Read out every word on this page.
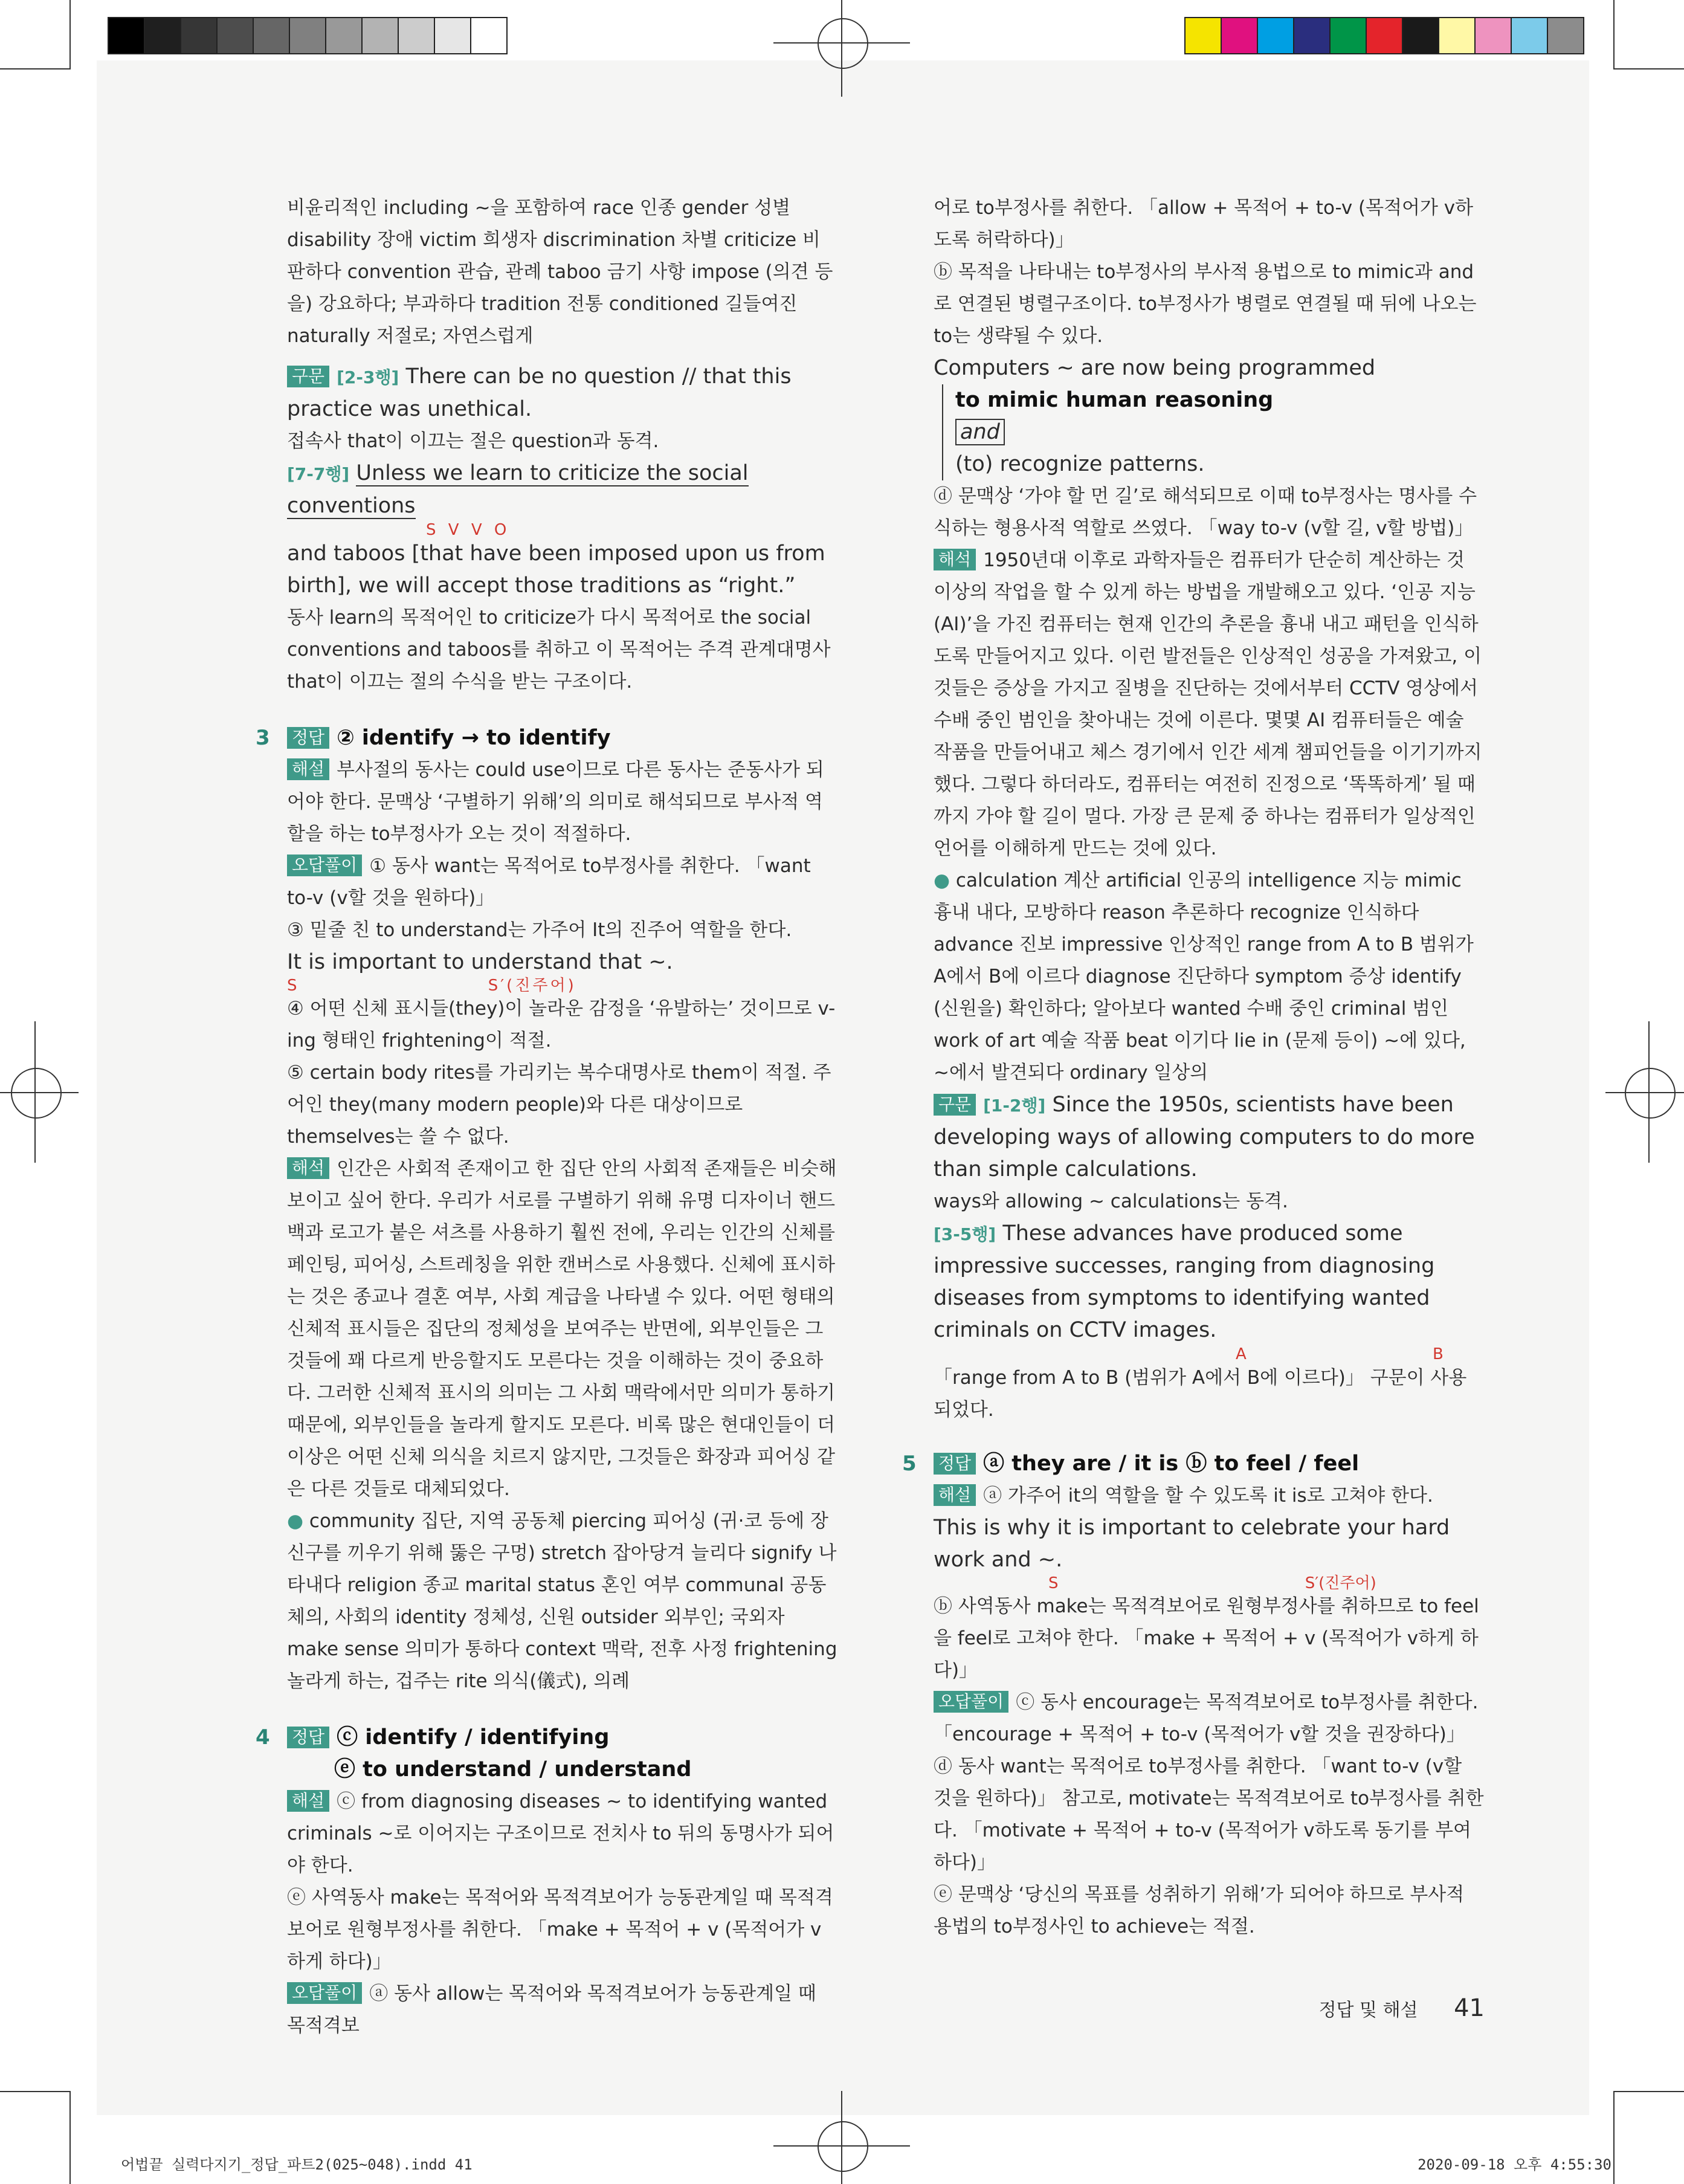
비윤리적인 including ~을 포함하여 race 인종 gender 성별 disability 장애 victim 희생자 discrimination 차별 criticize 비판하다 convention 관습, 관례 taboo 금기 사항 impose (의견 등을) 강요하다; 부과하다 tradition 전통 conditioned 길들여진 naturally 저절로; 자연스럽게

구문 [2-3행] There can be no question // that this practice was unethical.

접속사 that이 이끄는 절은 question과 동격.

[7-7행] Unless we learn to criticize the social conventions

S V V O

and taboos [that have been imposed upon us from birth], we will accept those traditions as “right.”

동사 learn의 목적어인 to criticize가 다시 목적어로 the social conventions and taboos를 취하고 이 목적어는 주격 관계대명사 that이 이끄는 절의 수식을 받는 구조이다.

3 정답 ② identify → to identify

해설 부사절의 동사는 could use이므로 다른 동사는 준동사가 되어야 한다. 문맥상 ‘구별하기 위해’의 의미로 해석되므로 부사적 역할을 하는 to부정사가 오는 것이 적절하다.

오답풀이 ① 동사 want는 목적어로 to부정사를 취한다. 「want to-v (v할 것을 원하다)」

③ 밑줄 친 to understand는 가주어 It의 진주어 역할을 한다.

It is important to understand that ~.

S S′(진주어)

④ 어떤 신체 표시들(they)이 놀라운 감정을 ‘유발하는’ 것이므로 v-ing 형태인 frightening이 적절.

⑤ certain body rites를 가리키는 복수대명사로 them이 적절. 주어인 they(many modern people)와 다른 대상이므로 themselves는 쓸 수 없다.

해석 인간은 사회적 존재이고 한 집단 안의 사회적 존재들은 비슷해 보이고 싶어 한다. 우리가 서로를 구별하기 위해 유명 디자이너 핸드백과 로고가 붙은 셔츠를 사용하기 훨씬 전에, 우리는 인간의 신체를 페인팅, 피어싱, 스트레칭을 위한 캔버스로 사용했다. 신체에 표시하는 것은 종교나 결혼 여부, 사회 계급을 나타낼 수 있다. 어떤 형태의 신체적 표시들은 집단의 정체성을 보여주는 반면에, 외부인들은 그것들에 꽤 다르게 반응할지도 모른다는 것을 이해하는 것이 중요하다. 그러한 신체적 표시의 의미는 그 사회 맥락에서만 의미가 통하기 때문에, 외부인들을 놀라게 할지도 모른다. 비록 많은 현대인들이 더 이상은 어떤 신체 의식을 치르지 않지만, 그것들은 화장과 피어싱 같은 다른 것들로 대체되었다.

● community 집단, 지역 공동체 piercing 피어싱 (귀·코 등에 장신구를 끼우기 위해 뚫은 구멍) stretch 잡아당겨 늘리다 signify 나타내다 religion 종교 marital status 혼인 여부 communal 공동체의, 사회의 identity 정체성, 신원 outsider 외부인; 국외자 make sense 의미가 통하다 context 맥락, 전후 사정 frightening 놀라게 하는, 겁주는 rite 의식(儀式), 의례

4 정답 ⓒ identify / identifying

ⓔ to understand / understand

해설 ⓒ from diagnosing diseases ~ to identifying wanted criminals ~로 이어지는 구조이므로 전치사 to 뒤의 동명사가 되어야 한다.

ⓔ 사역동사 make는 목적어와 목적격보어가 능동관계일 때 목적격보어로 원형부정사를 취한다. 「make + 목적어 + v (목적어가 v하게 하다)」

오답풀이 ⓐ 동사 allow는 목적어와 목적격보어가 능동관계일 때 목적격보

어로 to부정사를 취한다. 「allow + 목적어 + to-v (목적어가 v하도록 허락하다)」

ⓑ 목적을 나타내는 to부정사의 부사적 용법으로 to mimic과 and로 연결된 병렬구조이다. to부정사가 병렬로 연결될 때 뒤에 나오는 to는 생략될 수 있다.

Computers ~ are now being programmed

to mimic human reasoning

and

(to) recognize patterns.

ⓓ 문맥상 ‘가야 할 먼 길’로 해석되므로 이때 to부정사는 명사를 수식하는 형용사적 역할로 쓰였다. 「way to-v (v할 길, v할 방법)」

해석 1950년대 이후로 과학자들은 컴퓨터가 단순히 계산하는 것 이상의 작업을 할 수 있게 하는 방법을 개발해오고 있다. ‘인공 지능(AI)’을 가진 컴퓨터는 현재 인간의 추론을 흉내 내고 패턴을 인식하도록 만들어지고 있다. 이런 발전들은 인상적인 성공을 가져왔고, 이것들은 증상을 가지고 질병을 진단하는 것에서부터 CCTV 영상에서 수배 중인 범인을 찾아내는 것에 이른다. 몇몇 AI 컴퓨터들은 예술 작품을 만들어내고 체스 경기에서 인간 세계 챔피언들을 이기기까지 했다. 그렇다 하더라도, 컴퓨터는 여전히 진정으로 ‘똑똑하게’ 될 때까지 가야 할 길이 멀다. 가장 큰 문제 중 하나는 컴퓨터가 일상적인 언어를 이해하게 만드는 것에 있다.

● calculation 계산 artificial 인공의 intelligence 지능 mimic 흉내 내다, 모방하다 reason 추론하다 recognize 인식하다 advance 진보 impressive 인상적인 range from A to B 범위가 A에서 B에 이르다 diagnose 진단하다 symptom 증상 identify (신원을) 확인하다; 알아보다 wanted 수배 중인 criminal 범인 work of art 예술 작품 beat 이기다 lie in (문제 등이) ~에 있다, ~에서 발견되다 ordinary 일상의

구문 [1-2행] Since the 1950s, scientists have been developing ways of allowing computers to do more than simple calculations.

ways와 allowing ~ calculations는 동격.

[3-5행] These advances have produced some impressive successes, ranging from diagnosing diseases from symptoms to identifying wanted criminals on CCTV images.

A B

「range from A to B (범위가 A에서 B에 이르다)」 구문이 사용되었다.

5 정답 ⓐ they are / it is ⓑ to feel / feel

해설 ⓐ 가주어 it의 역할을 할 수 있도록 it is로 고쳐야 한다.

This is why it is important to celebrate your hard work and ~.

S S′(진주어)

ⓑ 사역동사 make는 목적격보어로 원형부정사를 취하므로 to feel을 feel로 고쳐야 한다. 「make + 목적어 + v (목적어가 v하게 하다)」

오답풀이 ⓒ 동사 encourage는 목적격보어로 to부정사를 취한다. 「encourage + 목적어 + to-v (목적어가 v할 것을 권장하다)」

ⓓ 동사 want는 목적어로 to부정사를 취한다. 「want to-v (v할 것을 원하다)」 참고로, motivate는 목적격보어로 to부정사를 취한다. 「motivate + 목적어 + to-v (목적어가 v하도록 동기를 부여하다)」

ⓔ 문맥상 ‘당신의 목표를 성취하기 위해’가 되어야 하므로 부사적 용법의 to부정사인 to achieve는 적절.

정답 및 해설 41
어법끝 실력다지기_정답_파트2(025~048).indd 41	2020-09-18 오후 4:55:30
